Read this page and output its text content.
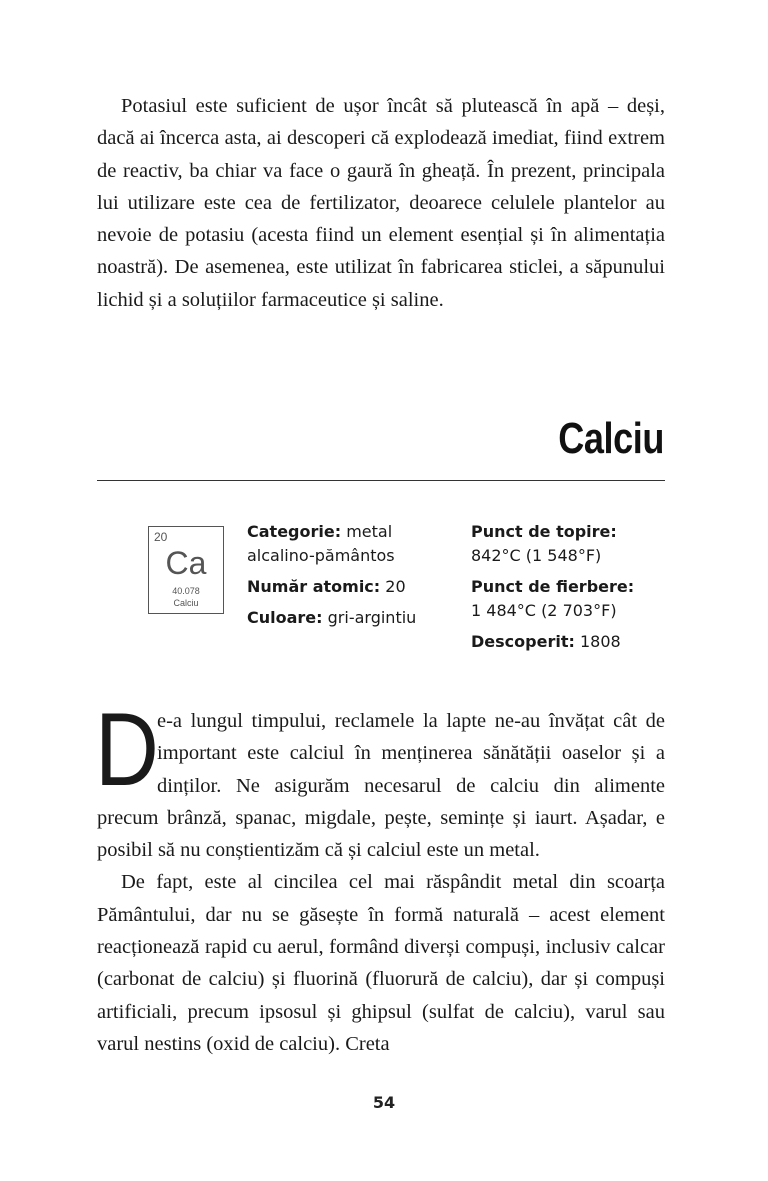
Potasiul este suficient de ușor încât să plutească în apă – deși, dacă ai încerca asta, ai descoperi că explodează imediat, fiind extrem de reactiv, ba chiar va face o gaură în gheață. În prezent, principala lui utilizare este cea de fertilizator, deoarece celulele plantelor au nevoie de potasiu (acesta fiind un element esențial și în alimentația noastră). De asemenea, este utilizat în fabricarea sticlei, a săpunului lichid și a soluțiilor farmaceutice și saline.

Calciu
20
Ca
40.078
Calciu
Categorie: metal alcalino-pământos
Număr atomic: 20
Culoare: gri-argintiu
Punct de topire:
842°C (1 548°F)
Punct de fierbere:
1 484°C (2 703°F)
Descoperit: 1808

D
e-a lungul timpului, reclamele la lapte ne-au învățat cât de important este calciul în menținerea sănătății oaselor și a dinților. Ne asigurăm necesarul de calciu din alimente precum brânză, spanac, migdale, pește, semințe și iaurt. Așadar, e posibil să nu conștientizăm că și calciul este un metal.

De fapt, este al cincilea cel mai răspândit metal din scoarța Pământului, dar nu se găsește în formă naturală – acest element reacționează rapid cu aerul, formând diverși compuși, inclusiv calcar (carbonat de calciu) și fluorină (fluorură de calciu), dar și compuși artificiali, precum ipsosul și ghipsul (sulfat de calciu), varul sau varul nestins (oxid de calciu). Creta

54
